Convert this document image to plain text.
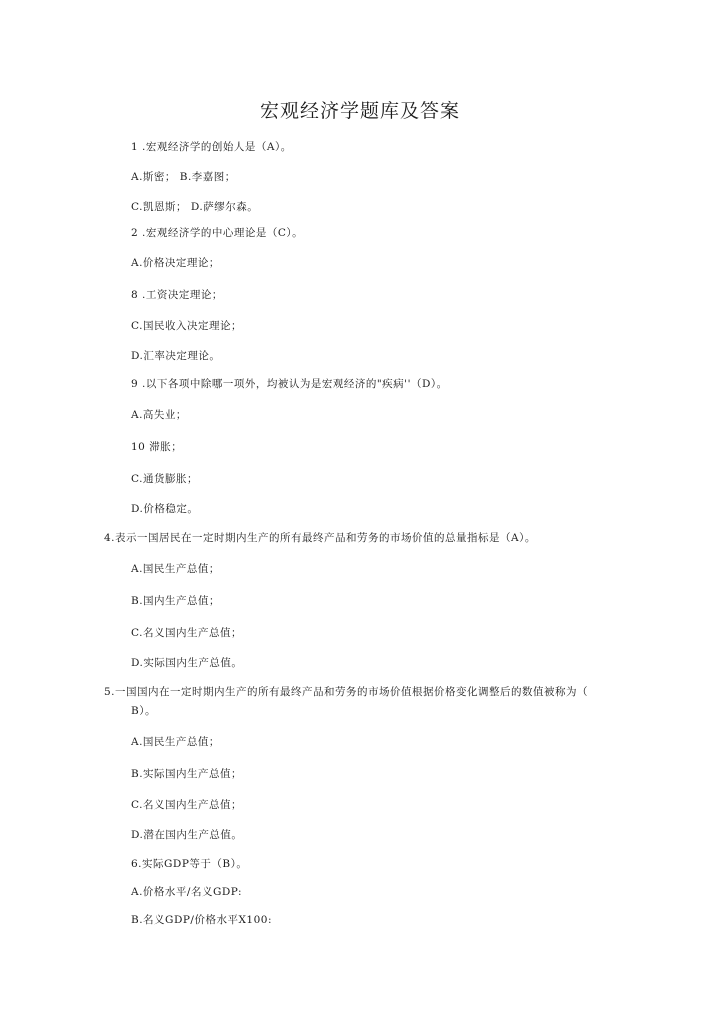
宏观经济学题库及答案
1 .宏观经济学的创始人是（A）。
A.斯密； B.李嘉图；
C.凯恩斯； D.萨缪尔森。
2 .宏观经济学的中心理论是（C）。
A.价格决定理论；
8 .工资决定理论；
C.国民收入决定理论；
D.汇率决定理论。
9 .以下各项中除哪一项外，均被认为是宏观经济的"疾病''（D）。
A.高失业；
10 滞胀；
C.通货膨胀；
D.价格稳定。
4.表示一国居民在一定时期内生产的所有最终产品和劳务的市场价值的总量指标是（A）。
A.国民生产总值；
B.国内生产总值；
C.名义国内生产总值；
D.实际国内生产总值。
5.一国国内在一定时期内生产的所有最终产品和劳务的市场价值根据价格变化调整后的数值被称为（
B）。
A.国民生产总值；
B.实际国内生产总值；
C.名义国内生产总值；
D.潜在国内生产总值。
6.实际GDP等于（B）。
A.价格水平/名义GDP:
B.名义GDP/价格水平X100:
